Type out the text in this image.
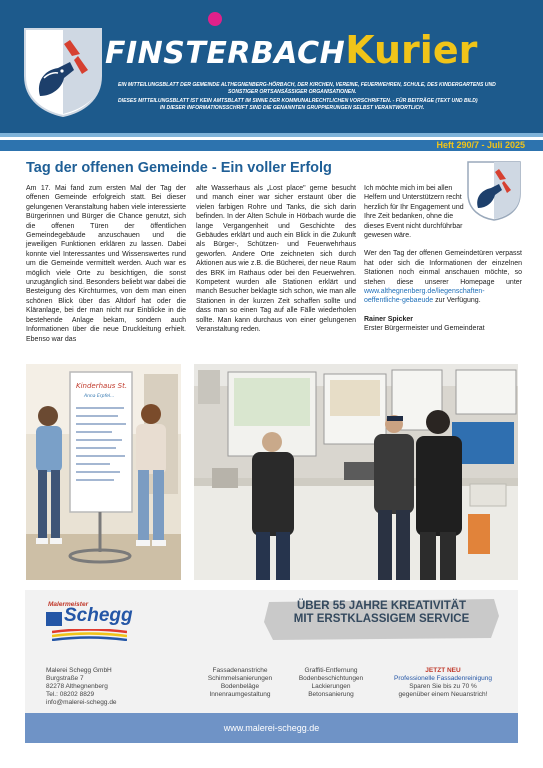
FINSTERBACHKurier
EIN MITTEILUNGSBLATT DER GEMEINDE ALTHEGNENBERG-HÖRBACH, DER KIRCHEN, VEREINE, FEUERWEHREN, SCHULE, DES KINDERGARTENS UND
SONSTIGER ORTSANSÄSSIGER ORGANISATIONEN.
DIESES MITTEILUNGSBLATT IST KEIN AMTSBLATT IM SINNE DER KOMMUNALRECHTLICHEN VORSCHRIFTEN. - FÜR BEITRÄGE (TEXT UND BILD)
IN DIESER INFORMATIONSSCHRIFT SIND DIE GENANNTEN GRUPPIERUNGEN SELBST VERANTWORTLICH.
Heft 290/7 - Juli 2025
Tag der offenen Gemeinde - Ein voller Erfolg

Am 17. Mai fand zum ersten Mal der Tag der offenen Gemeinde erfolgreich statt. Bei dieser gelungenen Veranstaltung haben viele interessierte Bürgerinnen und Bürger die Chance genutzt, sich die offenen Türen der öffentlichen Gemeindegebäude anzuschauen und die jeweiligen Funktionen erklären zu lassen. Dabei konnte viel Interessantes und Wissenswertes rund um die Gemeinde vermittelt werden. Auch war es möglich viele Orte zu besichtigen, die sonst unzugänglich sind. Besonders beliebt war dabei die Besteigung des Kirchturmes, von dem man einen schönen Blick über das Altdorf hat oder die Kläranlage, bei der man nicht nur Einblicke in die bestehende Anlage bekam, sondern auch Informationen über die neue Druckleitung erhielt. Ebenso war das

alte Wasserhaus als „Lost place" gerne besucht und manch einer war sicher erstaunt über die vielen farbigen Rohre und Tanks, die sich darin befinden. In der Alten Schule in Hörbach wurde die lange Vergangenheit und Geschichte des Gebäudes erklärt und auch ein Blick in die Zukunft als Bürger-, Schützen- und Feuerwehrhaus geworfen. Andere Orte zeichneten sich durch Aktionen aus wie z.B. die Bücherei, der neue Raum des BRK im Rathaus oder bei den Feuerwehren. Kompetent wurden alle Stationen erklärt und manch Besucher beklagte sich schon, wie man alle Stationen in der kurzen Zeit schaffen sollte und dass man so einen Tag auf alle Fälle wiederholen sollte. Man kann durchaus von einer gelungenen Veranstaltung reden.

Ich möchte mich im bei allen Helfern und Unterstützern recht herzlich für Ihr Engagement und Ihre Zeit bedanken, ohne die dieses Event nicht durchführbar gewesen wäre.

Wer den Tag der offenen Gemeindetüren verpasst hat oder sich die Informationen der einzelnen Stationen noch einmal anschauen möchte, so stehen diese unserer Homepage unter www.althegnenberg.de/liegenschaften-oeffentliche-gebaeude zur Verfügung.

Rainer Spicker

Erster Bürgermeister und Gemeinderat

Kinderhaus St.
Anna Erpfel...
Malermeister
Schegg	ÜBER 55 JAHRE KREATIVITÄT
MIT ERSTKLASSIGEM SERVICE
Malerei Schegg GmbH
Burgstraße 7
82278 Althegnenberg
Tel.: 08202 8829
info@malerei-schegg.de
Fassadenanstriche
Schimmelsanierungen
Bodenbeläge
Innenraumgestaltung
Graffiti-Entfernung
Bodenbeschichtungen
Lackierungen
Betonsanierung
JETZT NEU
Professionelle Fassadenreinigung
Sparen Sie bis zu 70 %
gegenüber einem Neuanstrich!
www.malerei-schegg.de
